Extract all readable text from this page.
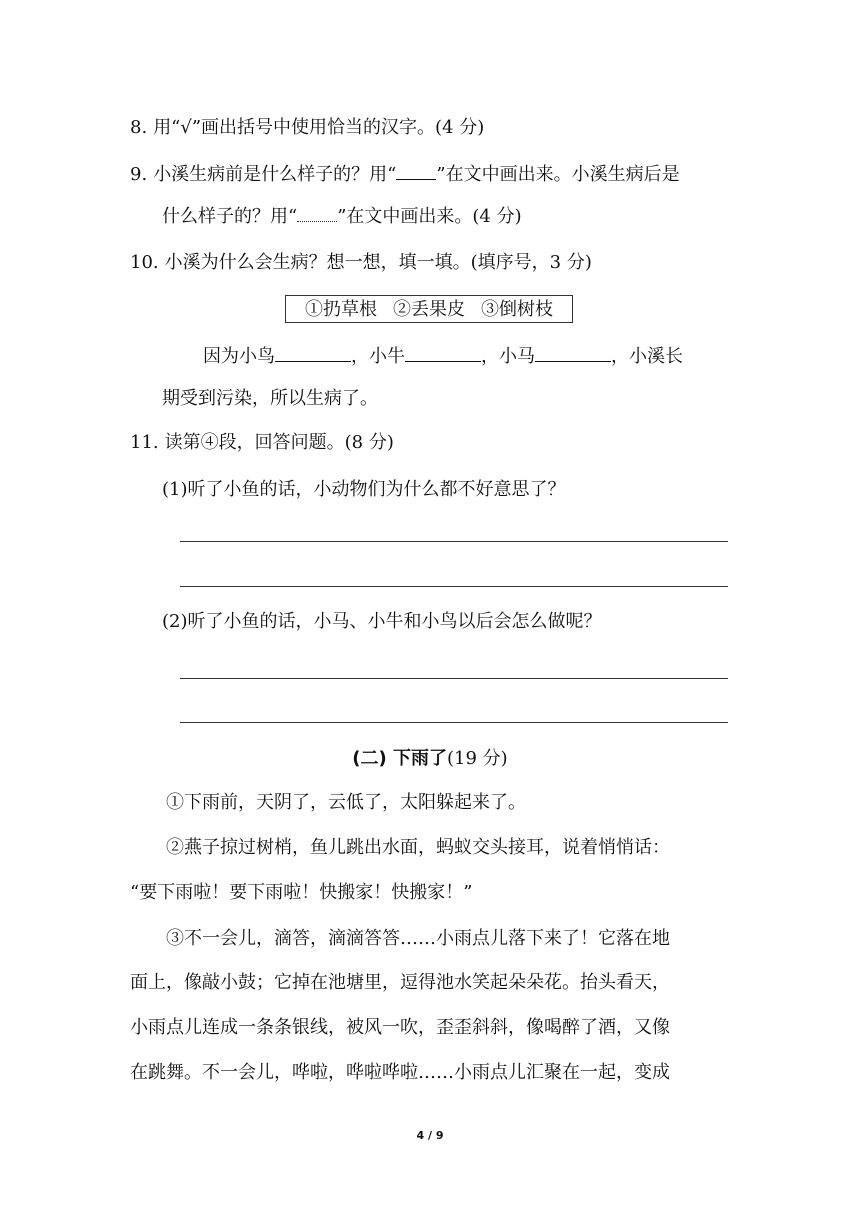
8. 用“√”画出括号中使用恰当的汉字。(4 分)
9. 小溪生病前是什么样子的？用“ ”在文中画出来。小溪生病后是
什么样子的？用“ ”在文中画出来。(4 分)
10. 小溪为什么会生病？想一想，填一填。(填序号，3 分)
①扔草根 ②丢果皮 ③倒树枝
因为小鸟	，小牛	，小马	，小溪长
期受到污染，所以生病了。
11. 读第④段，回答问题。(8 分)
(1)听了小鱼的话，小动物们为什么都不好意思了？
(2)听了小鱼的话，小马、小牛和小鸟以后会怎么做呢？
(二) 下雨了(19 分)
①下雨前，天阴了，云低了，太阳躲起来了。
②燕子掠过树梢，鱼儿跳出水面，蚂蚁交头接耳，说着悄悄话：
“要下雨啦！要下雨啦！快搬家！快搬家！”
③不一会儿，滴答，滴滴答答……小雨点儿落下来了！它落在地
面上，像敲小鼓；它掉在池塘里，逗得池水笑起朵朵花。抬头看天，
小雨点儿连成一条条银线，被风一吹，歪歪斜斜，像喝醉了酒，又像
在跳舞。不一会儿，哗啦，哗啦哗啦……小雨点儿汇聚在一起，变成
4 / 9
